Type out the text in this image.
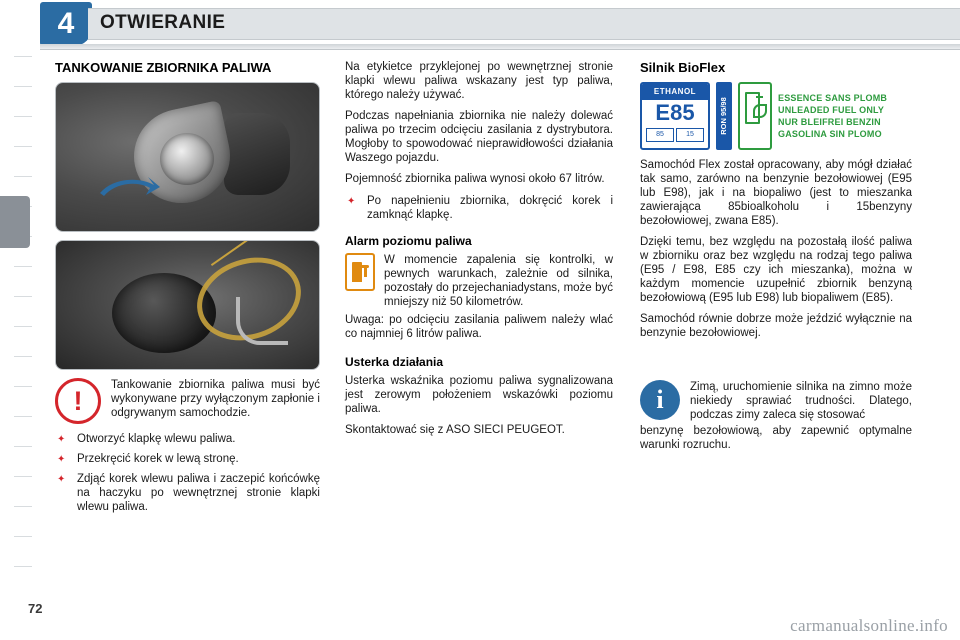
4	OTWIERANIE
TANKOWANIE ZBIORNIKA PALIWA
!
Tankowanie zbiornika paliwa musi być wykonywane przy wyłączonym zapłonie i odgrywanym samochodzie.
✦ Otworzyć klapkę wlewu paliwa.
✦ Przekręcić korek w lewą stronę.
✦ Zdjąć korek wlewu paliwa i zaczepić końcówkę na haczyku po wewnętrznej stronie klapki wlewu paliwa.

Na etykietce przyklejonej po wewnętrznej stronie klapki wlewu paliwa wskazany jest typ paliwa, którego należy używać.

Podczas napełniania zbiornika nie należy dolewać paliwa po trzecim odcięciu zasilania z dystrybutora. Mogłoby to spowodować nieprawidłowości działania Waszego pojazdu.

Pojemność zbiornika paliwa wynosi około 67 litrów.

✦ Po napełnieniu zbiornika, dokręcić korek i zamknąć klapkę.
Alarm poziomu paliwa
W momencie zapalenia się kontrolki, w pewnych warunkach, zależnie od silnika, pozostały do przejechaniadystans, może być mniejszy niż 50 kilometrów.

Uwaga: po odcięciu zasilania paliwem należy wlać co najmniej 6 litrów paliwa.

Usterka działania

Usterka wskaźnika poziomu paliwa sygnalizowana jest zerowym położeniem wskazówki poziomu paliwa.

Skontaktować się z ASO SIECI PEUGEOT.

Silnik BioFlex
ETHANOL
E85
85	15	RON 95/98	ESSENCE SANS PLOMB
UNLEADED FUEL ONLY
NUR BLEIFREI BENZIN
GASOLINA SIN PLOMO

Samochód Flex został opracowany, aby mógł działać tak samo, zarówno na benzynie bezołowiowej (E95 lub E98), jak i na biopaliwo (jest to mieszanka zawierająca 85bioalkoholu i 15benzyny bezołowiowej, zwana E85).

Dzięki temu, bez względu na pozostałą ilość paliwa w zbiorniku oraz bez względu na rodzaj tego paliwa (E95 / E98, E85 czy ich mieszanka), można w każdym momencie uzupełnić zbiornik benzyną bezołowiową (E95 lub E98) lub biopaliwem (E85).

Samochód równie dobrze może jeździć wyłącznie na benzynie bezołowiowej.

i	Zimą, uruchomienie silnika na zimno może niekiedy sprawiać trudności. Dlatego, podczas zimy zaleca się stosować
benzynę bezołowiową, aby zapewnić optymalne warunki rozruchu.
72
carmanualsonline.info
